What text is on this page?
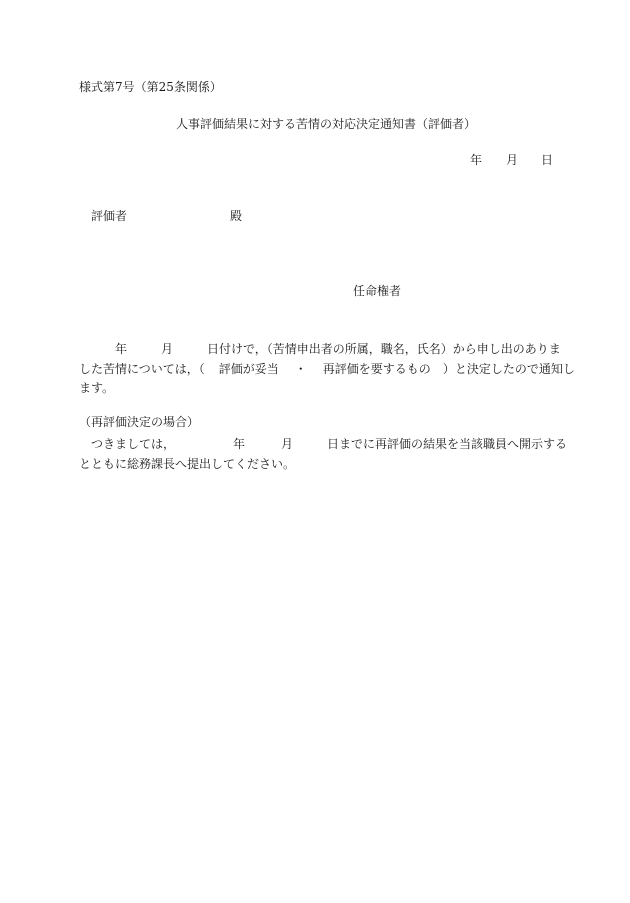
様式第7号（第25条関係）
人事評価結果に対する苦情の対応決定通知書（評価者）
年 月 日
評価者	殿
任命権者
年	月	日付けで，（苦情申出者の所属，職名，氏名）から申し出のありま
した苦情については，（ 評価が妥当 ・ 再評価を要するもの ）と決定したので通知し
ます。
（再評価決定の場合）
つきましては，	年	月	日までに再評価の結果を当該職員へ開示する
とともに総務課長へ提出してください。
